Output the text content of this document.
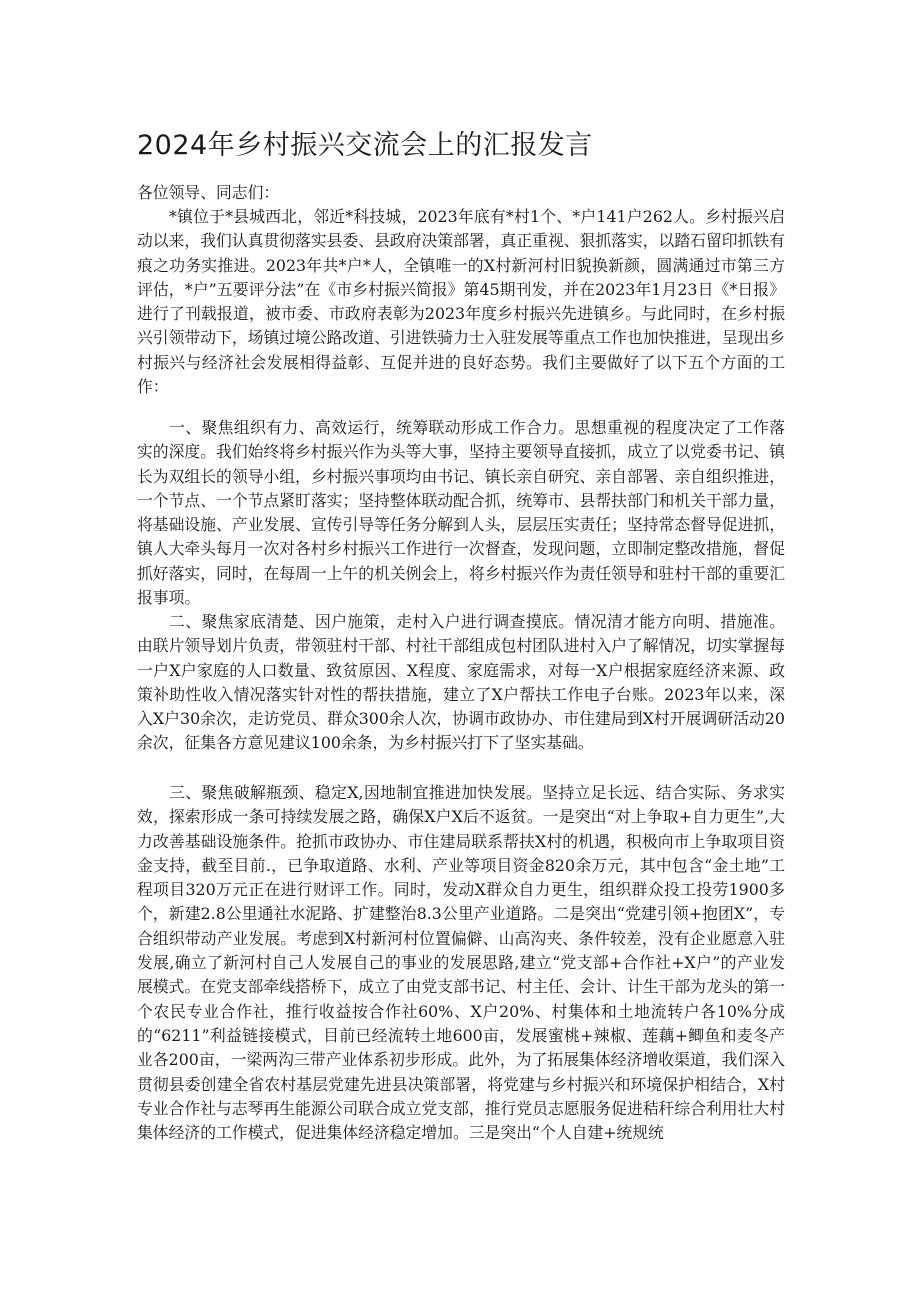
2024年乡村振兴交流会上的汇报发言

各位领导、同志们：

*镇位于*县城西北，邻近*科技城，2023年底有*村1个、*户141户262人。乡村振兴启动以来，我们认真贯彻落实县委、县政府决策部署，真正重视、狠抓落实，以踏石留印抓铁有痕之功务实推进。2023年共*户*人，全镇唯一的X村新河村旧貌换新颜，圆满通过市第三方评估，*户”五要评分法”在《市乡村振兴简报》第45期刊发，并在2023年1月23日《*日报》进行了刊载报道，被市委、市政府表彰为2023年度乡村振兴先进镇乡。与此同时，在乡村振兴引领带动下，场镇过境公路改道、引进铁骑力士入驻发展等重点工作也加快推进，呈现出乡村振兴与经济社会发展相得益彰、互促并进的良好态势。我们主要做好了以下五个方面的工作：

一、聚焦组织有力、高效运行，统筹联动形成工作合力。思想重视的程度决定了工作落实的深度。我们始终将乡村振兴作为头等大事，坚持主要领导直接抓，成立了以党委书记、镇长为双组长的领导小组，乡村振兴事项均由书记、镇长亲自研究、亲自部署、亲自组织推进，一个节点、一个节点紧盯落实；坚持整体联动配合抓，统筹市、县帮扶部门和机关干部力量，将基础设施、产业发展、宣传引导等任务分解到人头，层层压实责任；坚持常态督导促进抓，镇人大牵头每月一次对各村乡村振兴工作进行一次督查，发现问题，立即制定整改措施，督促抓好落实，同时，在每周一上午的机关例会上，将乡村振兴作为责任领导和驻村干部的重要汇报事项。

二、聚焦家底清楚、因户施策，走村入户进行调查摸底。情况清才能方向明、措施准。由联片领导划片负责，带领驻村干部、村社干部组成包村团队进村入户了解情况，切实掌握每一户X户家庭的人口数量、致贫原因、X程度、家庭需求，对每一X户根据家庭经济来源、政策补助性收入情况落实针对性的帮扶措施，建立了X户帮扶工作电子台账。2023年以来，深入X户30余次，走访党员、群众300余人次，协调市政协办、市住建局到X村开展调研活动20余次，征集各方意见建议100余条，为乡村振兴打下了坚实基础。

三、聚焦破解瓶颈、稳定X,因地制宜推进加快发展。坚持立足长远、结合实际、务求实效，探索形成一条可持续发展之路，确保X户X后不返贫。一是突出“对上争取+自力更生”,大力改善基础设施条件。抢抓市政协办、市住建局联系帮扶X村的机遇，积极向市上争取项目资金支持，截至目前.，已争取道路、水利、产业等项目资金820余万元，其中包含“金土地”工程项目320万元正在进行财评工作。同时，发动X群众自力更生，组织群众投工投劳1900多个，新建2.8公里通社水泥路、扩建整治8.3公里产业道路。二是突出“党建引领+抱团X”，专合组织带动产业发展。考虑到X村新河村位置偏僻、山高沟夹、条件较差，没有企业愿意入驻发展,确立了新河村自己人发展自己的事业的发展思路,建立“党支部+合作社+X户”的产业发展模式。在党支部牵线搭桥下，成立了由党支部书记、村主任、会计、计生干部为龙头的第一个农民专业合作社，推行收益按合作社60%、X户20%、村集体和土地流转户各10%分成的“6211”利益链接模式，目前已经流转土地600亩，发展蜜桃+辣椒、莲藕+鲫鱼和麦冬产业各200亩，一梁两沟三带产业体系初步形成。此外，为了拓展集体经济增收渠道，我们深入贯彻县委创建全省农村基层党建先进县决策部署，将党建与乡村振兴和环境保护相结合，X村专业合作社与志琴再生能源公司联合成立党支部，推行党员志愿服务促进秸秆综合利用壮大村集体经济的工作模式，促进集体经济稳定增加。三是突出“个人自建+统规统
